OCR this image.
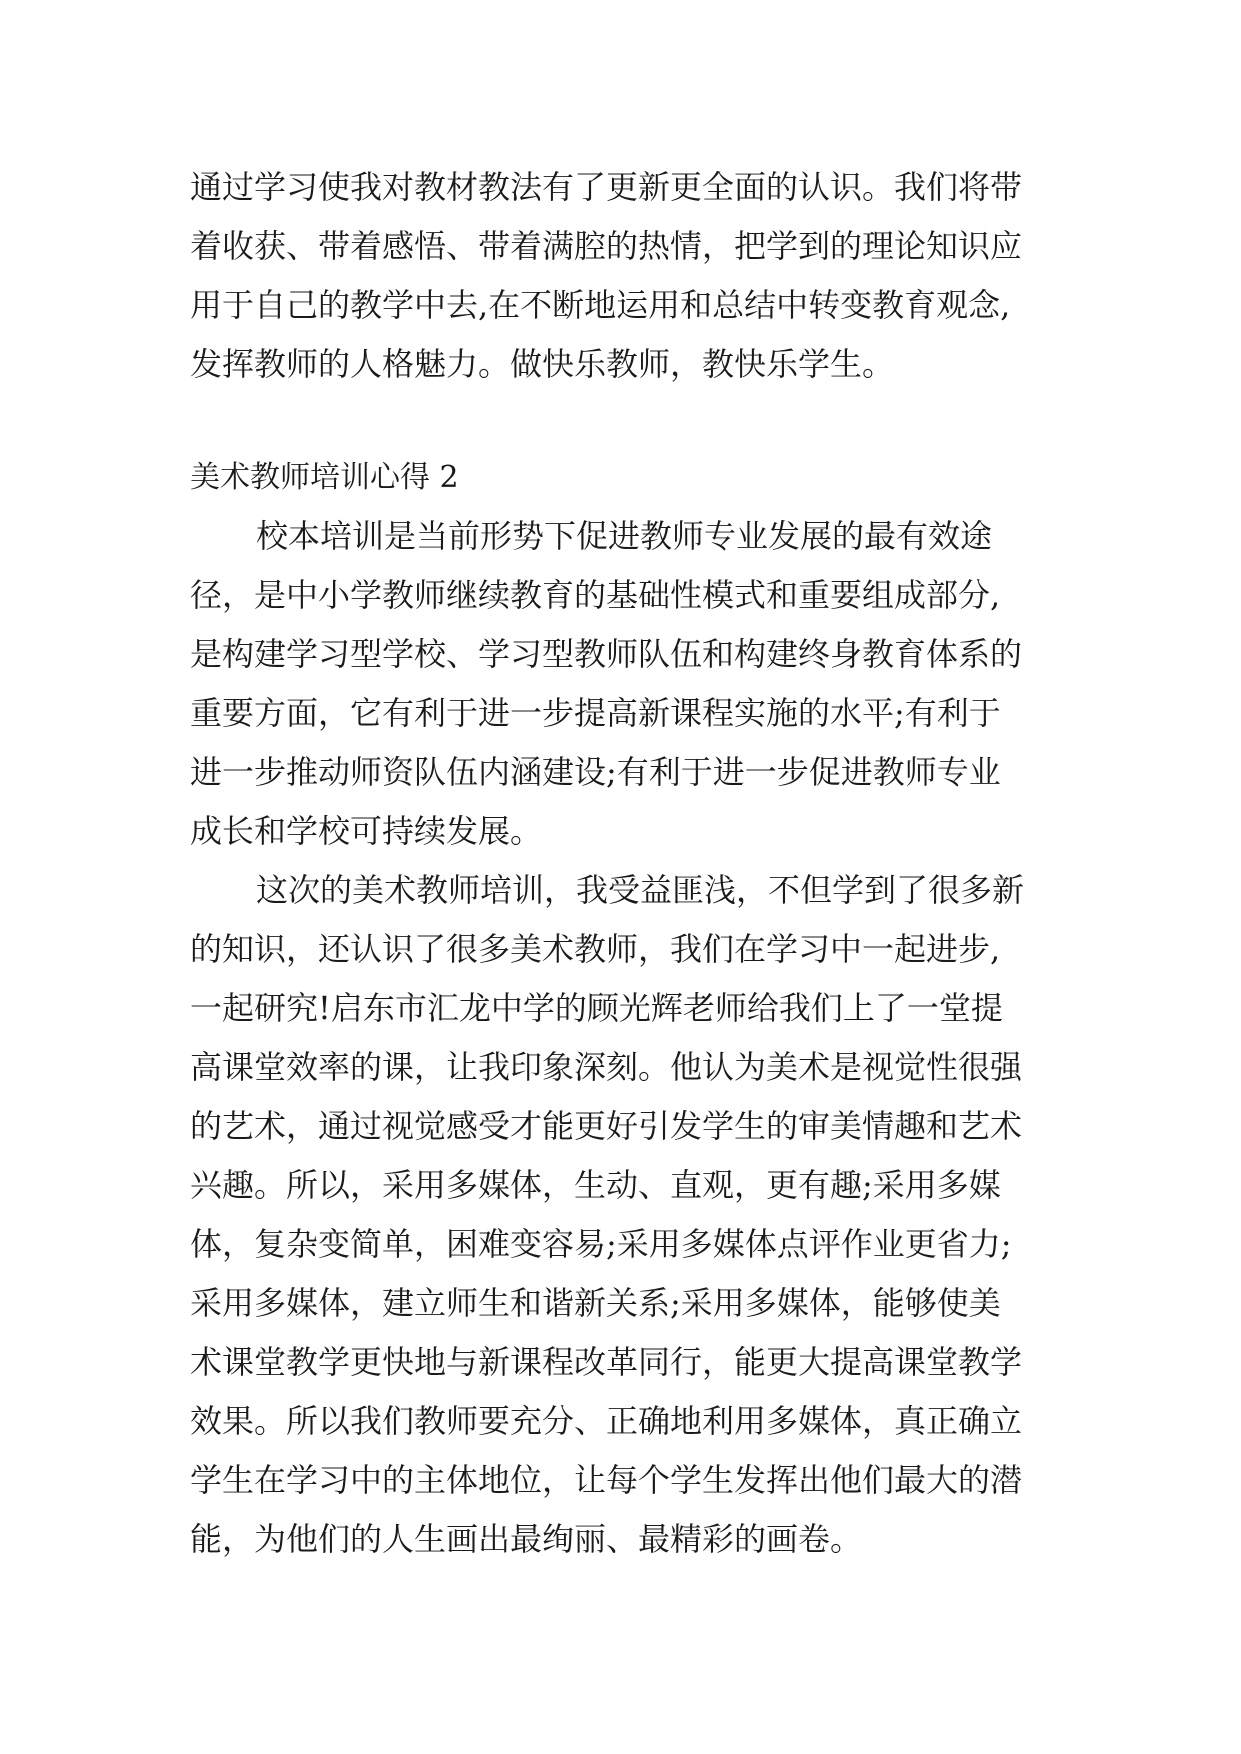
通过学习使我对教材教法有了更新更全面的认识。我们将带
着收获、带着感悟、带着满腔的热情，把学到的理论知识应
用于自己的教学中去,在不断地运用和总结中转变教育观念,
发挥教师的人格魅力。做快乐教师，教快乐学生。
美术教师培训心得 2
校本培训是当前形势下促进教师专业发展的最有效途
径，是中小学教师继续教育的基础性模式和重要组成部分,
是构建学习型学校、学习型教师队伍和构建终身教育体系的
重要方面，它有利于进一步提高新课程实施的水平;有利于
进一步推动师资队伍内涵建设;有利于进一步促进教师专业
成长和学校可持续发展。
这次的美术教师培训，我受益匪浅，不但学到了很多新
的知识，还认识了很多美术教师，我们在学习中一起进步,
一起研究!启东市汇龙中学的顾光辉老师给我们上了一堂提
高课堂效率的课，让我印象深刻。他认为美术是视觉性很强
的艺术，通过视觉感受才能更好引发学生的审美情趣和艺术
兴趣。所以，采用多媒体，生动、直观，更有趣;采用多媒
体，复杂变简单，困难变容易;采用多媒体点评作业更省力;
采用多媒体，建立师生和谐新关系;采用多媒体，能够使美
术课堂教学更快地与新课程改革同行，能更大提高课堂教学
效果。所以我们教师要充分、正确地利用多媒体，真正确立
学生在学习中的主体地位，让每个学生发挥出他们最大的潜
能，为他们的人生画出最绚丽、最精彩的画卷。
